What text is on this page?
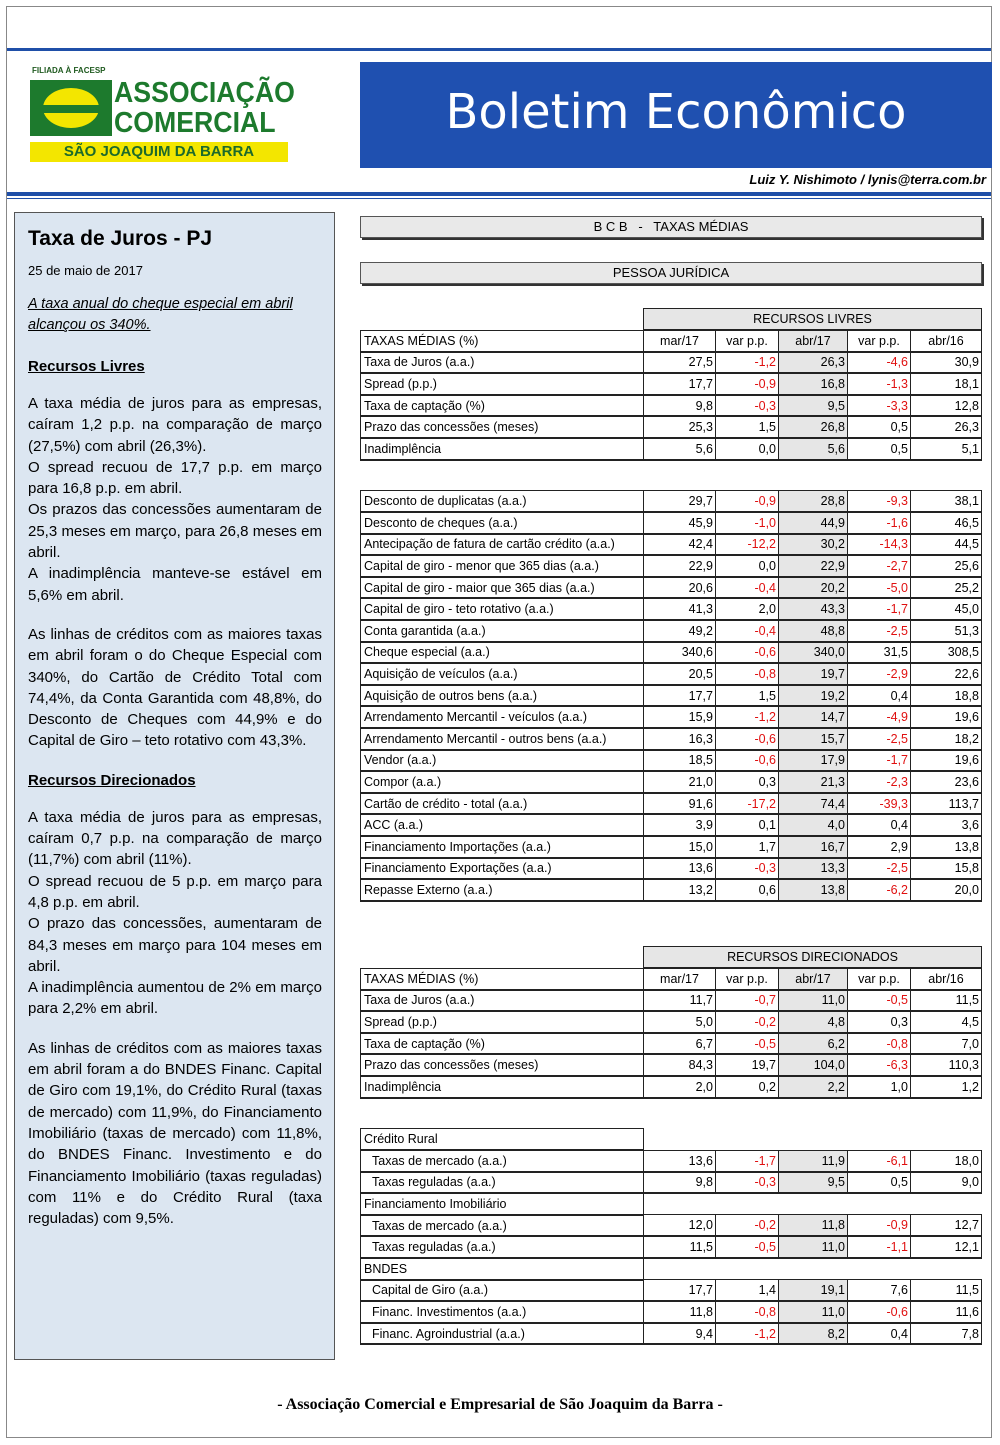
FILIADA À FACESP
ASSOCIAÇÃO
COMERCIAL
SÃO JOAQUIM DA BARRA
Boletim Econômico
Luiz Y. Nishimoto / lynis@terra.com.br
Taxa de Juros - PJ
25 de maio de 2017
A taxa anual do cheque especial em abril alcançou os 340%.
Recursos Livres

A taxa média de juros para as empresas, caíram 1,2 p.p. na comparação de março (27,5%) com abril (26,3%).

O spread recuou de 17,7 p.p. em março para 16,8 p.p. em abril.

Os prazos das concessões aumentaram de 25,3 meses em março, para 26,8 meses em abril.

A inadimplência manteve-se estável em 5,6% em abril.

As linhas de créditos com as maiores taxas em abril foram o do Cheque Especial com 340%, do Cartão de Crédito Total com 74,4%, da Conta Garantida com 48,8%, do Desconto de Cheques com 44,9% e do Capital de Giro – teto rotativo com 43,3%.

Recursos Direcionados

A taxa média de juros para as empresas, caíram 0,7 p.p. na comparação de março (11,7%) com abril (11%).

O spread recuou de 5 p.p. em março para 4,8 p.p. em abril.

O prazo das concessões, aumentaram de 84,3 meses em março para 104 meses em abril.

A inadimplência aumentou de 2% em março para 2,2% em abril.

As linhas de créditos com as maiores taxas em abril foram a do BNDES Financ. Capital de Giro com 19,1%, do Crédito Rural (taxas de mercado) com 11,9%, do Financiamento Imobiliário (taxas de mercado) com 11,8%, do BNDES Financ. Investimento e do Financiamento Imobiliário (taxas reguladas) com 11% e do Crédito Rural (taxa reguladas) com 9,5%.

B C B   -   TAXAS MÉDIAS
PESSOA JURÍDICA
	RECURSOS LIVRES				
TAXAS MÉDIAS (%)	mar/17	var p.p.	abr/17	var p.p.	abr/16
Taxa de Juros (a.a.)	27,5	-1,2	26,3	-4,6	30,9
Spread (p.p.)	17,7	-0,9	16,8	-1,3	18,1
Taxa de captação (%)	9,8	-0,3	9,5	-3,3	12,8
Prazo das concessões (meses)	25,3	1,5	26,8	0,5	26,3
Inadimplência	5,6	0,0	5,6	0,5	5,1
Desconto de duplicatas (a.a.)	29,7	-0,9	28,8	-9,3	38,1
Desconto de cheques (a.a.)	45,9	-1,0	44,9	-1,6	46,5
Antecipação de fatura de cartão crédito (a.a.)	42,4	-12,2	30,2	-14,3	44,5
Capital de giro - menor que 365 dias (a.a.)	22,9	0,0	22,9	-2,7	25,6
Capital de giro - maior que 365 dias (a.a.)	20,6	-0,4	20,2	-5,0	25,2
Capital de giro - teto rotativo (a.a.)	41,3	2,0	43,3	-1,7	45,0
Conta garantida (a.a.)	49,2	-0,4	48,8	-2,5	51,3
Cheque especial (a.a.)	340,6	-0,6	340,0	31,5	308,5
Aquisição de veículos (a.a.)	20,5	-0,8	19,7	-2,9	22,6
Aquisição de outros bens (a.a.)	17,7	1,5	19,2	0,4	18,8
Arrendamento Mercantil - veículos (a.a.)	15,9	-1,2	14,7	-4,9	19,6
Arrendamento Mercantil - outros bens (a.a.)	16,3	-0,6	15,7	-2,5	18,2
Vendor (a.a.)	18,5	-0,6	17,9	-1,7	19,6
Compor (a.a.)	21,0	0,3	21,3	-2,3	23,6
Cartão de crédito - total (a.a.)	91,6	-17,2	74,4	-39,3	113,7
ACC (a.a.)	3,9	0,1	4,0	0,4	3,6
Financiamento Importações (a.a.)	15,0	1,7	16,7	2,9	13,8
Financiamento Exportações (a.a.)	13,6	-0,3	13,3	-2,5	15,8
Repasse Externo (a.a.)	13,2	0,6	13,8	-6,2	20,0
	RECURSOS DIRECIONADOS				
TAXAS MÉDIAS (%)	mar/17	var p.p.	abr/17	var p.p.	abr/16
Taxa de Juros (a.a.)	11,7	-0,7	11,0	-0,5	11,5
Spread (p.p.)	5,0	-0,2	4,8	0,3	4,5
Taxa de captação (%)	6,7	-0,5	6,2	-0,8	7,0
Prazo das concessões (meses)	84,3	19,7	104,0	-6,3	110,3
Inadimplência	2,0	0,2	2,2	1,0	1,2
Crédito Rural					
Taxas de mercado (a.a.)	13,6	-1,7	11,9	-6,1	18,0
Taxas reguladas (a.a.)	9,8	-0,3	9,5	0,5	9,0
Financiamento Imobiliário					
Taxas de mercado (a.a.)	12,0	-0,2	11,8	-0,9	12,7
Taxas reguladas (a.a.)	11,5	-0,5	11,0	-1,1	12,1
BNDES					
Capital de Giro (a.a.)	17,7	1,4	19,1	7,6	11,5
Financ. Investimentos (a.a.)	11,8	-0,8	11,0	-0,6	11,6
Financ. Agroindustrial (a.a.)	9,4	-1,2	8,2	0,4	7,8
- Associação Comercial e Empresarial de São Joaquim da Barra -
